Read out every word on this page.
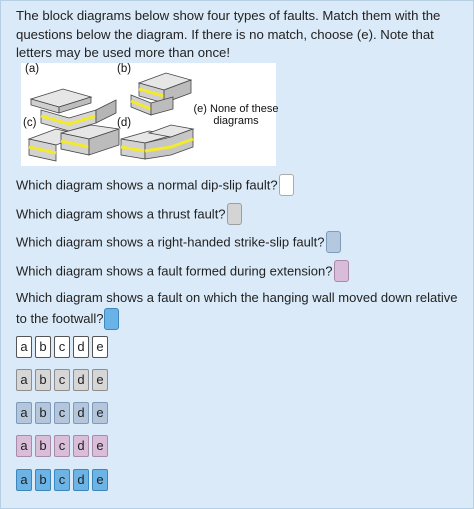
The block diagrams below show four types of faults. Match them with the questions below the diagram. If there is no match, choose (e). Note that letters may be used more than once!
(a)	(b)
(c)	(d)
(e) None of these
diagrams
Which diagram shows a normal dip-slip fault?
Which diagram shows a thrust fault?
Which diagram shows a right-handed strike-slip fault?
Which diagram shows a fault formed during extension?
Which diagram shows a fault on which the hanging wall moved down relative to the footwall?
a b c d e
a b c d e
a b c d e
a b c d e
a b c d e
